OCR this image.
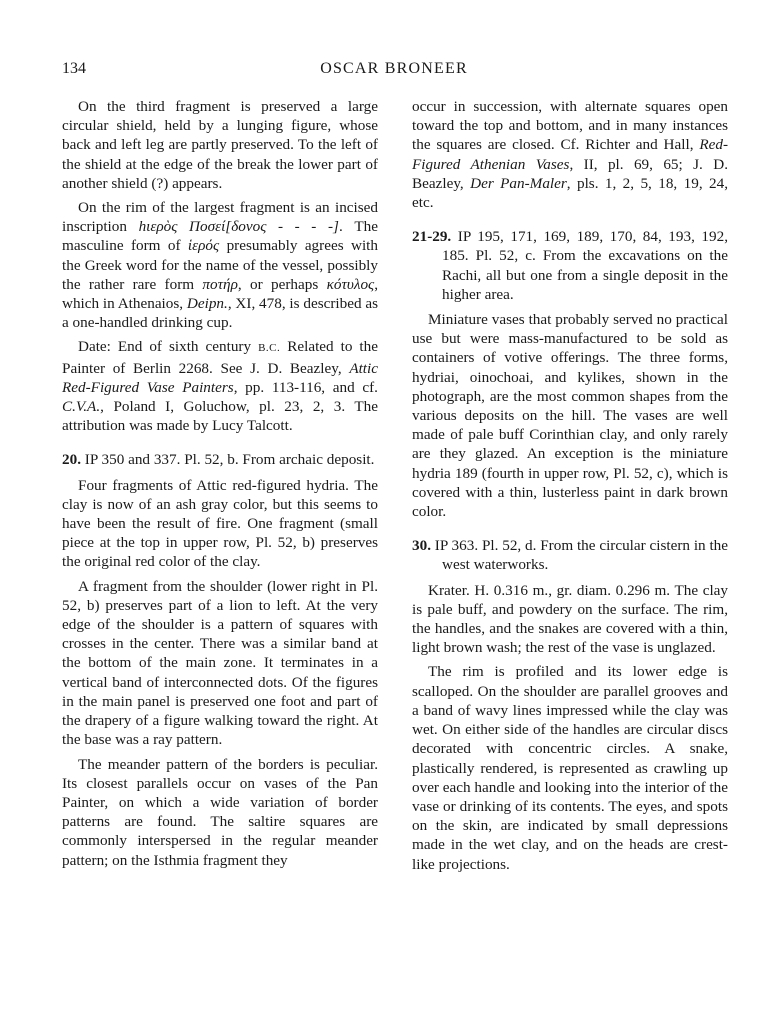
134	OSCAR BRONEER

On the third fragment is preserved a large circular shield, held by a lunging figure, whose back and left leg are partly preserved. To the left of the shield at the edge of the break the lower part of another shield (?) appears.

On the rim of the largest fragment is an incised inscription hιερὸς Ποσεί[δονος - - - -]. The masculine form of ἱερός presumably agrees with the Greek word for the name of the vessel, possibly the rather rare form ποτήρ, or perhaps κότυλος, which in Athenaios, Deipn., XI, 478, is described as a one-handled drinking cup.

Date: End of sixth century B.C. Related to the Painter of Berlin 2268. See J. D. Beazley, Attic Red-Figured Vase Painters, pp. 113-116, and cf. C.V.A., Poland I, Goluchow, pl. 23, 2, 3. The attribution was made by Lucy Talcott.

20. IP 350 and 337. Pl. 52, b. From archaic deposit.

Four fragments of Attic red-figured hydria. The clay is now of an ash gray color, but this seems to have been the result of fire. One fragment (small piece at the top in upper row, Pl. 52, b) preserves the original red color of the clay.

A fragment from the shoulder (lower right in Pl. 52, b) preserves part of a lion to left. At the very edge of the shoulder is a pattern of squares with crosses in the center. There was a similar band at the bottom of the main zone. It terminates in a vertical band of interconnected dots. Of the figures in the main panel is preserved one foot and part of the drapery of a figure walking toward the right. At the base was a ray pattern.

The meander pattern of the borders is peculiar. Its closest parallels occur on vases of the Pan Painter, on which a wide variation of border patterns are found. The saltire squares are commonly interspersed in the regular meander pattern; on the Isthmia fragment they

occur in succession, with alternate squares open toward the top and bottom, and in many instances the squares are closed. Cf. Richter and Hall, Red-Figured Athenian Vases, II, pl. 69, 65; J. D. Beazley, Der Pan-Maler, pls. 1, 2, 5, 18, 19, 24, etc.

21-29. IP 195, 171, 169, 189, 170, 84, 193, 192, 185. Pl. 52, c. From the excavations on the Rachi, all but one from a single deposit in the higher area.

Miniature vases that probably served no practical use but were mass-manufactured to be sold as containers of votive offerings. The three forms, hydriai, oinochoai, and kylikes, shown in the photograph, are the most common shapes from the various deposits on the hill. The vases are well made of pale buff Corinthian clay, and only rarely are they glazed. An exception is the miniature hydria 189 (fourth in upper row, Pl. 52, c), which is covered with a thin, lusterless paint in dark brown color.

30. IP 363. Pl. 52, d. From the circular cistern in the west waterworks.

Krater. H. 0.316 m., gr. diam. 0.296 m. The clay is pale buff, and powdery on the surface. The rim, the handles, and the snakes are covered with a thin, light brown wash; the rest of the vase is unglazed.

The rim is profiled and its lower edge is scalloped. On the shoulder are parallel grooves and a band of wavy lines impressed while the clay was wet. On either side of the handles are circular discs decorated with concentric circles. A snake, plastically rendered, is represented as crawling up over each handle and looking into the interior of the vase or drinking of its contents. The eyes, and spots on the skin, are indicated by small depressions made in the wet clay, and on the heads are crest-like projections.
